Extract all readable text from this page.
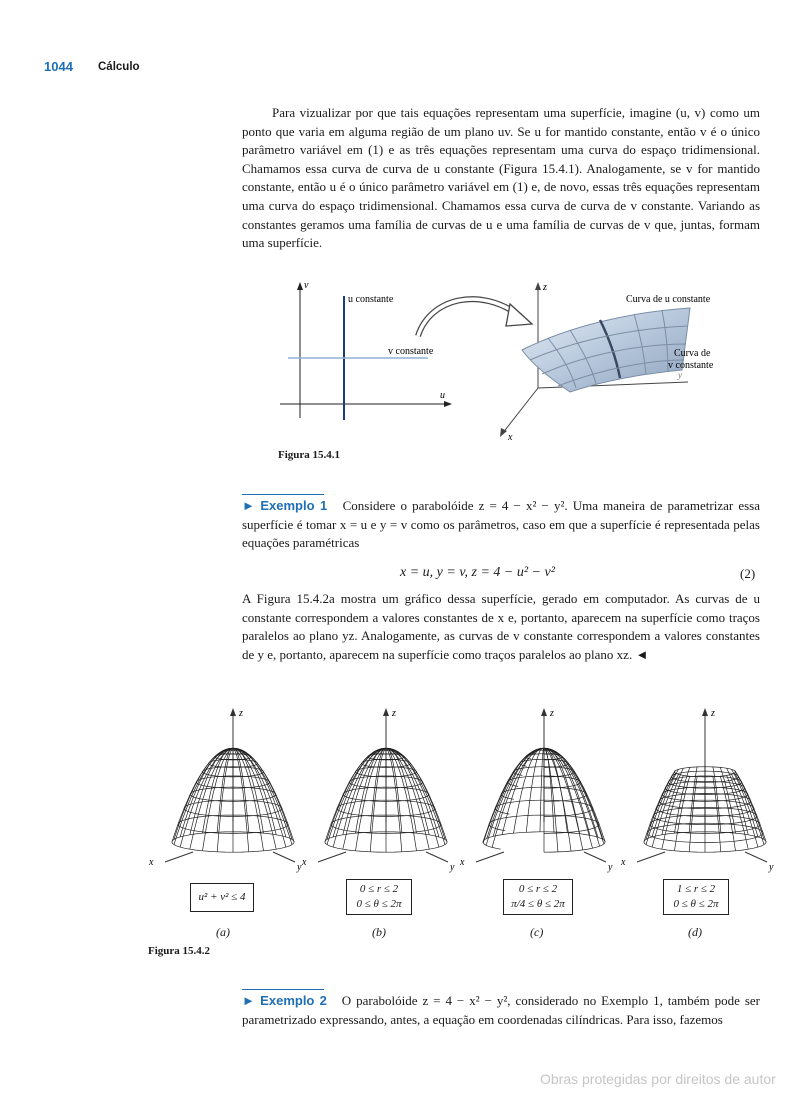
1044 Cálculo

Para vizualizar por que tais equações representam uma superfície, imagine (u, v) como um ponto que varia em alguma região de um plano uv. Se u for mantido constante, então v é o único parâmetro variável em (1) e as três equações representam uma curva do espaço tridimensional. Chamamos essa curva de curva de u constante (Figura 15.4.1). Analogamente, se v for mantido constante, então u é o único parâmetro variável em (1) e, de novo, essas três equações representam uma curva do espaço tridimensional. Chamamos essa curva de curva de v constante. Variando as constantes geramos uma família de curvas de u e uma família de curvas de v que, juntas, formam uma superfície.

v
u
u constante
v constante
z
x
y
Curva de u constante
Curva de
v constante
Figura 15.4.1

► Exemplo 1 Considere o parabolóide z = 4 − x² − y². Uma maneira de parametrizar essa superfície é tomar x = u e y = v como os parâmetros, caso em que a superfície é representada pelas equações paramétricas

x = u, y = v, z = 4 − u² − v²	(2)

A Figura 15.4.2a mostra um gráfico dessa superfície, gerado em computador. As curvas de u constante correspondem a valores constantes de x e, portanto, aparecem na superfície como traços paralelos ao plano yz. Analogamente, as curvas de v constante correspondem a valores constantes de y e, portanto, aparecem na superfície como traços paralelos ao plano xz. ◄

z
x	y
z
x	y
z
x	y
z
x	y
u² + v² ≤ 4
0 ≤ r ≤ 2
0 ≤ θ ≤ 2π
0 ≤ r ≤ 2
π/4 ≤ θ ≤ 2π
1 ≤ r ≤ 2
0 ≤ θ ≤ 2π
(a)	(b)	(c)	(d)
Figura 15.4.2

► Exemplo 2 O parabolóide z = 4 − x² − y², considerado no Exemplo 1, também pode ser parametrizado expressando, antes, a equação em coordenadas cilíndricas. Para isso, fazemos

Obras protegidas por direitos de autor
